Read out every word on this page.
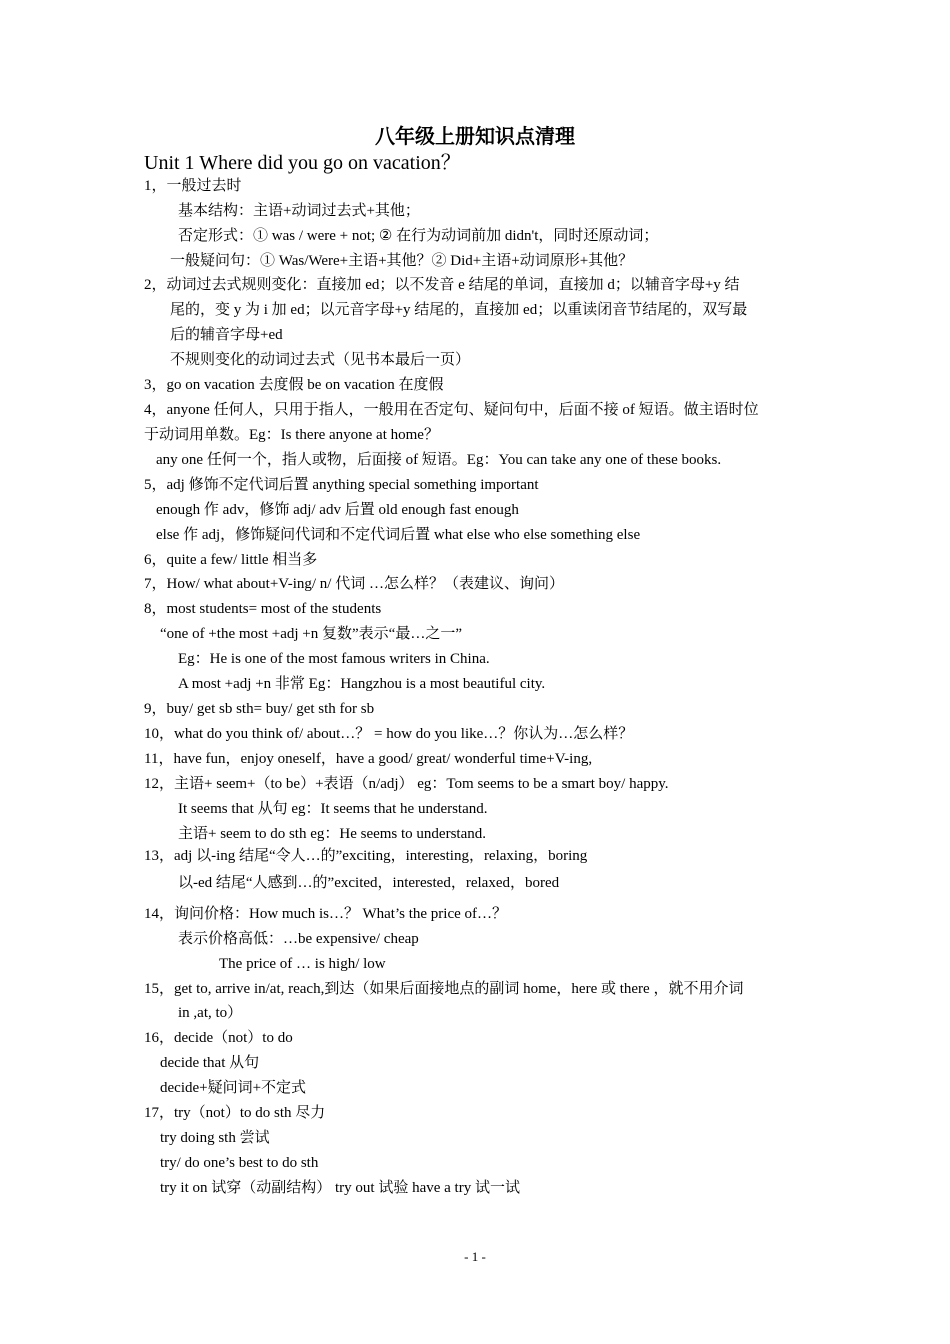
八年级上册知识点清理
Unit 1 Where did you go on vacation？
1，一般过去时
基本结构：主语+动词过去式+其他；
否定形式：① was / were + not; ② 在行为动词前加 didn't，同时还原动词；
一般疑问句：① Was/Were+主语+其他？② Did+主语+动词原形+其他？
2，动词过去式规则变化：直接加 ed；以不发音 e 结尾的单词，直接加 d；以辅音字母+y 结
尾的，变 y 为 i 加 ed；以元音字母+y 结尾的，直接加 ed；以重读闭音节结尾的，双写最
后的辅音字母+ed
不规则变化的动词过去式（见书本最后一页）
3，go on vacation 去度假 be on vacation 在度假
4，anyone 任何人，只用于指人，一般用在否定句、疑问句中，后面不接 of 短语。做主语时位
于动词用单数。Eg：Is there anyone at home？
any one 任何一个，指人或物，后面接 of 短语。Eg：You can take any one of these books.
5，adj 修饰不定代词后置 anything special something important
enough 作 adv，修饰 adj/ adv 后置 old enough fast enough
else 作 adj，修饰疑问代词和不定代词后置 what else who else something else
6，quite a few/ little 相当多
7，How/ what about+V-ing/ n/ 代词 …怎么样？（表建议、询问）
8，most students= most of the students
“one of +the most +adj +n 复数”表示“最…之一”
Eg：He is one of the most famous writers in China.
A most +adj +n 非常 Eg：Hangzhou is a most beautiful city.
9，buy/ get sb sth= buy/ get sth for sb
10，what do you think of/ about…？ = how do you like…？你认为…怎么样？
11，have fun，enjoy oneself，have a good/ great/ wonderful time+V-ing,
12，主语+ seem+（to be）+表语（n/adj） eg：Tom seems to be a smart boy/ happy.
It seems that 从句 eg：It seems that he understand.
主语+ seem to do sth eg：He seems to understand.
13，adj 以-ing 结尾“令人…的”exciting，interesting，relaxing，boring
以-ed 结尾“人感到…的”excited，interested，relaxed，bored
14，询问价格：How much is…？ What’s the price of…？
表示价格高低：…be expensive/ cheap
The price of … is high/ low
15，get to, arrive in/at, reach,到达（如果后面接地点的副词 home，here 或 there ，就不用介词
in ,at, to）
16，decide（not）to do
decide that 从句
decide+疑问词+不定式
17，try（not）to do sth 尽力
try doing sth 尝试
try/ do one’s best to do sth
try it on 试穿（动副结构） try out 试验 have a try 试一试
- 1 -
